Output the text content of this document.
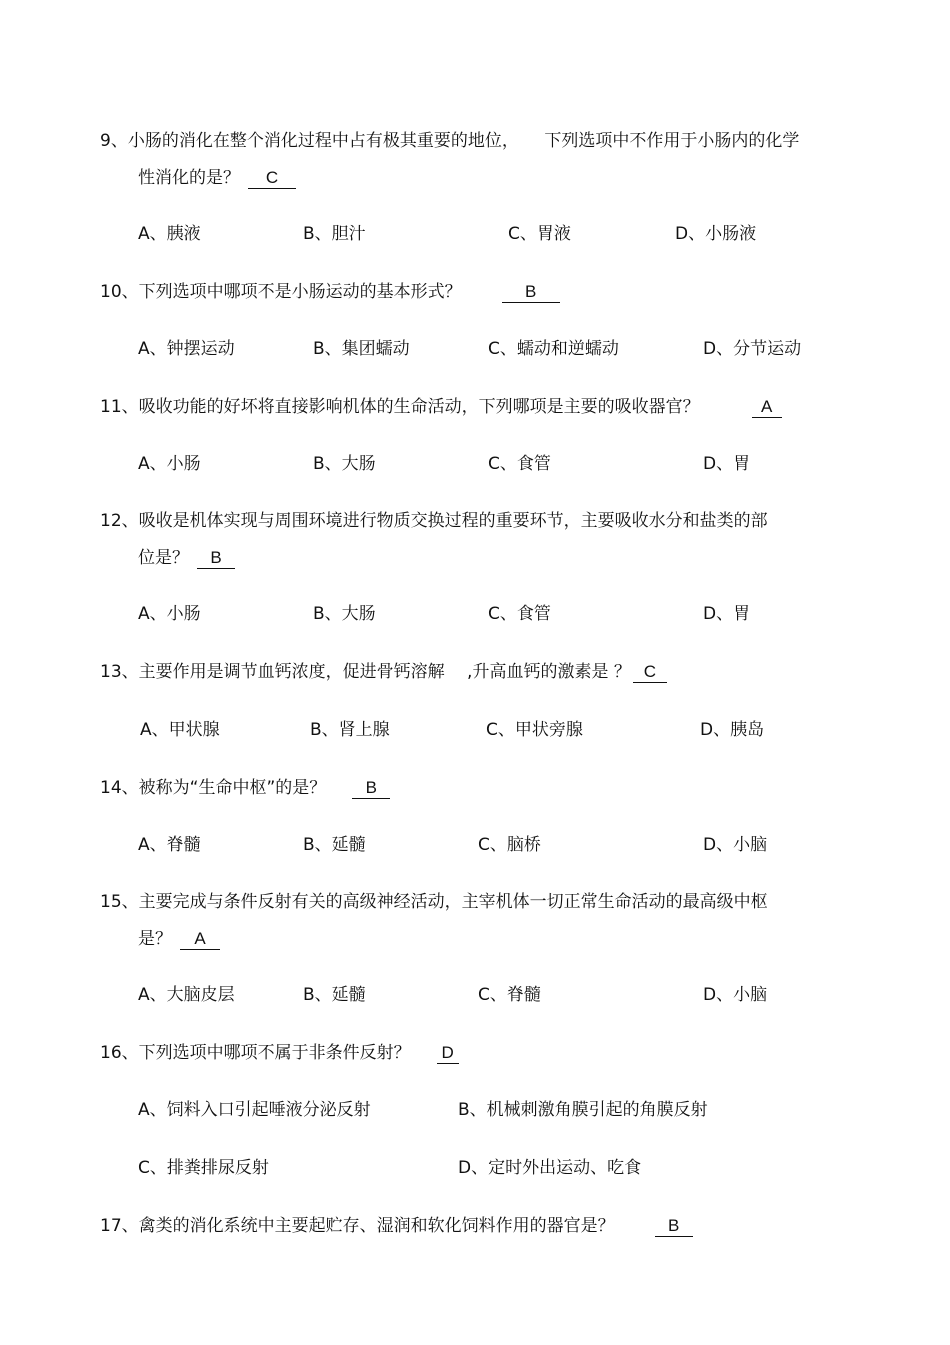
9、小肠的消化在整个消化过程中占有极其重要的地位，　　下列选项中不作用于小肠内的化学
性消化的是？ C
A、胰液	B、胆汁	C、胃液	D、小肠液
10、下列选项中哪项不是小肠运动的基本形式？	B
A、钟摆运动	B、集团蠕动	C、蠕动和逆蠕动	D、分节运动
11、吸收功能的好坏将直接影响机体的生命活动，下列哪项是主要的吸收器官？	A
A、小肠	B、大肠	C、食管	D、胃
12、吸收是机体实现与周围环境进行物质交换过程的重要环节，主要吸收水分和盐类的部
位是？ B
A、小肠	B、大肠	C、食管	D、胃
13、主要作用是调节血钙浓度，促进骨钙溶解　 ,升高血钙的激素是 ？ C
A、甲状腺	B、肾上腺	C、甲状旁腺	D、胰岛
14、被称为“生命中枢”的是？ B
A、脊髓	B、延髓	C、脑桥	D、小脑
15、主要完成与条件反射有关的高级神经活动，主宰机体一切正常生命活动的最高级中枢
是？ A
A、大脑皮层	B、延髓	C、脊髓	D、小脑
16、下列选项中哪项不属于非条件反射？ D
A、饲料入口引起唾液分泌反射	B、机械刺激角膜引起的角膜反射
C、排粪排尿反射	D、定时外出运动、吃食
17、禽类的消化系统中主要起贮存、湿润和软化饲料作用的器官是？	B
